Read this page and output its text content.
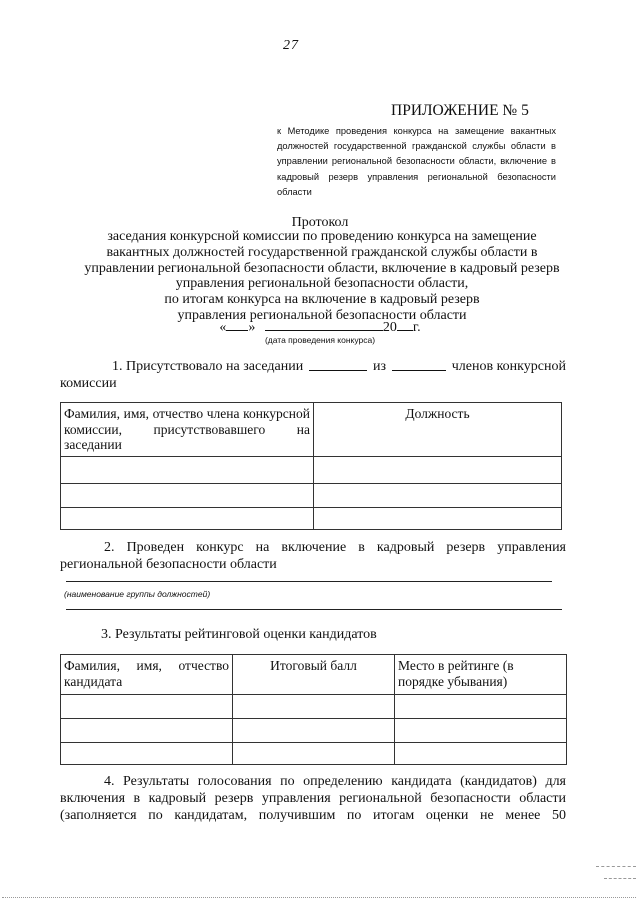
27
ПРИЛОЖЕНИЕ № 5
к Методике проведения конкурса на замещение вакантных должностей государственной гражданской службы области в управлении региональной безопасности области, включение в кадровый резерв управления региональной безопасности области
Протокол
заседания конкурсной комиссии по проведению конкурса на замещение
вакантных должностей государственной гражданской службы области в
управлении региональной безопасности области, включение в кадровый резерв
управления региональной безопасности области,
по итогам конкурса на включение в кадровый резерв
управления региональной безопасности области
« »	20 г.
(дата проведения конкурса)
1. Присутствовало на заседании	из	членов конкурсной
комиссии
Фамилия, имя, отчество члена конкурсной комиссии, присутствовавшего на заседании	Должность

2. Проведен конкурс на включение в кадровый резерв управления региональной безопасности области
(наименование группы должностей)
3. Результаты рейтинговой оценки кандидатов
Фамилия, имя, отчество кандидата	Итоговый балл	Место в рейтинге (в порядке убывания)

4. Результаты голосования по определению кандидата (кандидатов) для включения в кадровый резерв управления региональной безопасности области (заполняется по кандидатам, получившим по итогам оценки не менее 50
